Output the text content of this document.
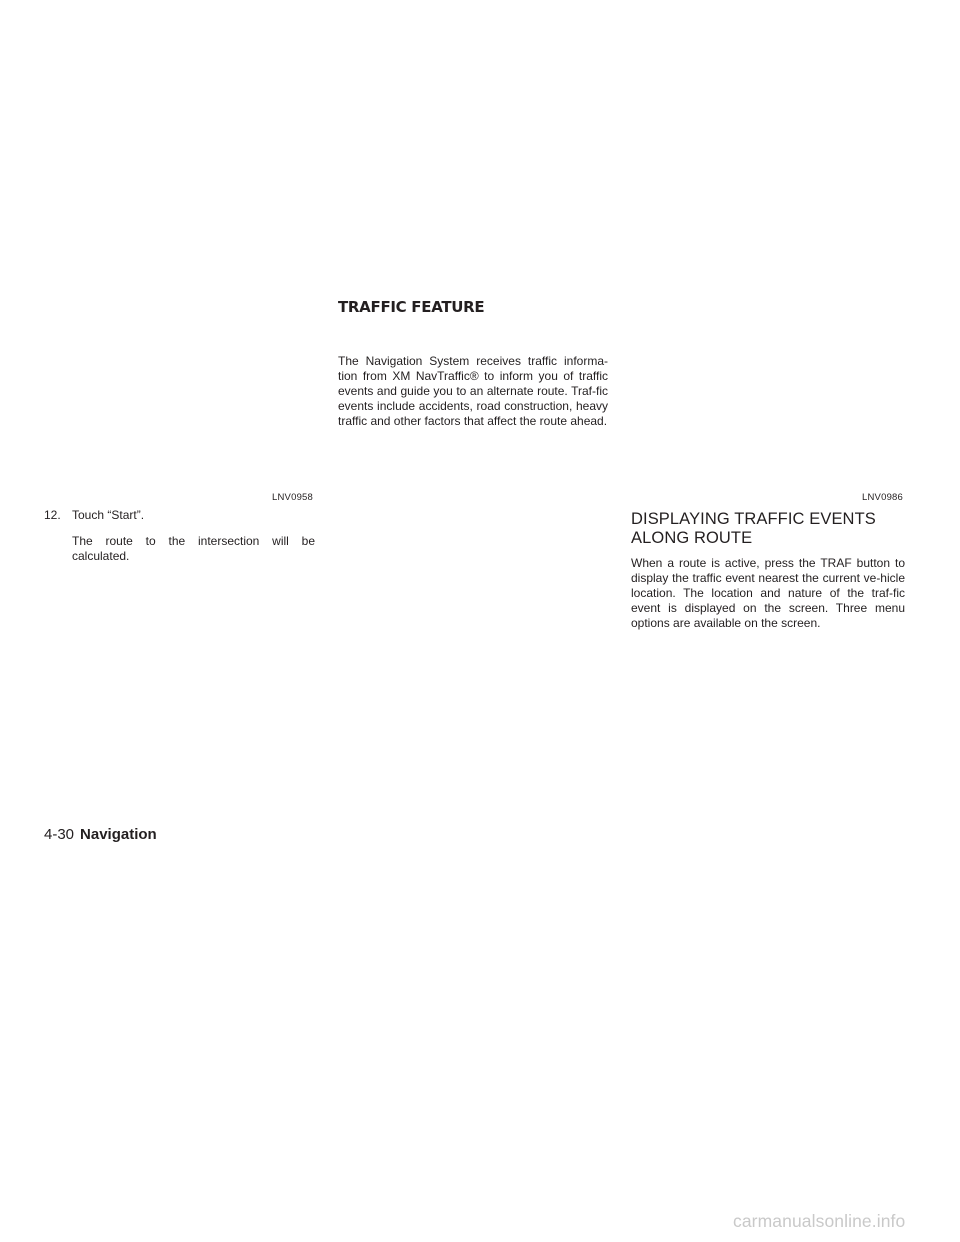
TRAFFIC FEATURE
The Navigation System receives traffic informa-tion from XM NavTraffic® to inform you of traffic events and guide you to an alternate route. Traf-fic events include accidents, road construction, heavy traffic and other factors that affect the route ahead.
LNV0958	LNV0986
12. Touch “Start”.
The route to the intersection will be calculated.
DISPLAYING TRAFFIC EVENTS
ALONG ROUTE
When a route is active, press the TRAF button to display the traffic event nearest the current ve-hicle location. The location and nature of the traf-fic event is displayed on the screen. Three menu options are available on the screen.
4-30 Navigation
carmanualsonline.info
